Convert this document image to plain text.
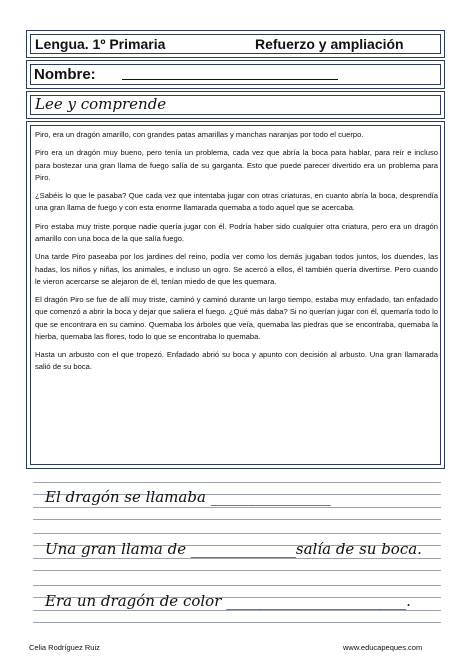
Lengua. 1º Primaria	Refuerzo y ampliación
Nombre:
Lee y comprende

Piro, era un dragón amarillo, con grandes patas amarillas y manchas naranjas por todo el cuerpo.

Piro era un dragón muy bueno, pero tenía un problema, cada vez que abría la boca para hablar, para reír e incluso para bostezar una gran llama de fuego salía de su garganta. Esto que puede parecer divertido era un problema para Piro.

¿Sabéis lo que le pasaba? Que cada vez que intentaba jugar con otras criaturas, en cuanto abría la boca, desprendía una gran llama de fuego y con esta enorme llamarada quemaba a todo aquel que se acercaba.

Piro estaba muy triste porque nadie quería jugar con él. Podría haber sido cualquier otra criatura, pero era un dragón amarillo con una boca de la que salía fuego.

Una tarde Piro paseaba por los jardines del reino, podía ver como los demás jugaban todos juntos, los duendes, las hadas, los niños y niñas, los animales, e incluso un ogro. Se acercó a ellos, él también quería divertirse. Pero cuando le vieron acercarse se alejaron de él, tenían miedo de que les quemara.

El dragón Piro se fue de allí muy triste, caminó y caminó durante un largo tiempo, estaba muy enfadado, tan enfadado que comenzó a abrir la boca y dejar que saliera el fuego. ¿Qué más daba? Si no querían jugar con él, quemaría todo lo que se encontrara en su camino. Quemaba los árboles que veía, quemaba las piedras que se encontraba, quemaba la hierba, quemaba las flores, todo lo que se encontraba lo quemaba.

Hasta un arbusto con el que tropezó. Enfadado abrió su boca y apunto con decisión al arbusto. Una gran llamarada salió de su boca.

El dragón se llamaba ________________
Una gran llama de ______________salía de su boca.
Era un dragón de color ________________________.
Celia Rodríguez Ruiz	www.educapeques.com
